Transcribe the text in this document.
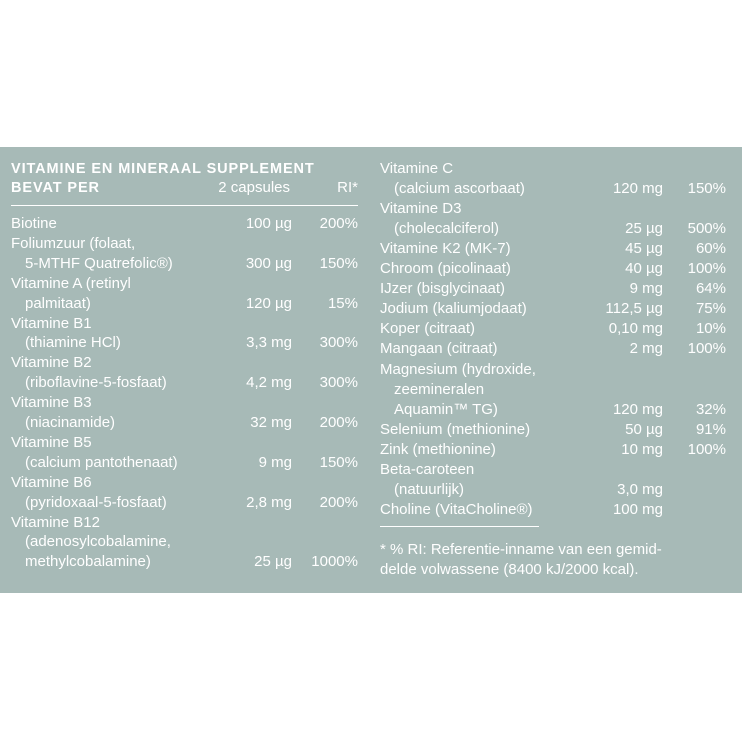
VITAMINE EN MINERAAL SUPPLEMENT
BEVAT PER	2 capsules	RI*
Biotine	100 µg 200%
Foliumzuur (folaat,
5-MTHF Quatrefolic®)	300 µg 150%
Vitamine A (retinyl
palmitaat)	120 µg 15%
Vitamine B1
(thiamine HCl)	3,3 mg 300%
Vitamine B2
(riboflavine-5-fosfaat)	4,2 mg 300%
Vitamine B3
(niacinamide)	32 mg 200%
Vitamine B5
(calcium pantothenaat)	9 mg 150%
Vitamine B6
(pyridoxaal-5-fosfaat)	2,8 mg 200%
Vitamine B12
(adenosylcobalamine,
methylcobalamine)	25 µg 1000%
Vitamine C
(calcium ascorbaat)	120 mg 150%
Vitamine D3
(cholecalciferol)	25 µg 500%
Vitamine K2 (MK-7)	45 µg 60%
Chroom (picolinaat)	40 µg 100%
IJzer (bisglycinaat)	9 mg 64%
Jodium (kaliumjodaat)	112,5 µg 75%
Koper (citraat)	0,10 mg 10%
Mangaan (citraat)	2 mg 100%
Magnesium (hydroxide,
zeemineralen
Aquamin™ TG)	120 mg 32%
Selenium (methionine)	50 µg 91%
Zink (methionine)	10 mg 100%
Beta-caroteen
(natuurlijk)	3,0 mg
Choline (VitaCholine®)	100 mg
* % RI: Referentie-inname van een gemid-
delde volwassene (8400 kJ/2000 kcal).
